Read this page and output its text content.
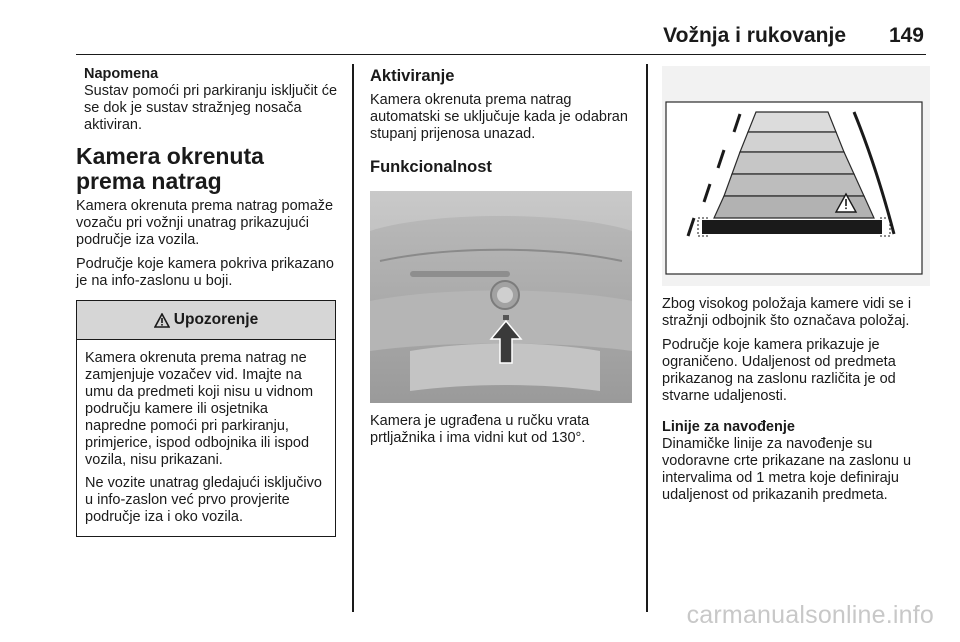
Vožnja i rukovanje 149
Napomena
Sustav pomoći pri parkiranju isključit će se dok je sustav stražnjeg nosača aktiviran.
Kamera okrenuta prema natrag
Kamera okrenuta prema natrag pomaže vozaču pri vožnji unatrag prikazujući područje iza vozila.
Područje koje kamera pokriva prikazano je na info-zaslonu u boji.
Upozorenje
Kamera okrenuta prema natrag ne zamjenjuje vozačev vid. Imajte na umu da predmeti koji nisu u vidnom području kamere ili osjetnika napredne pomoći pri parkiranju, primjerice, ispod odbojnika ili ispod vozila, nisu prikazani.
Ne vozite unatrag gledajući isključivo u info-zaslon već prvo provjerite područje iza i oko vozila.
Aktiviranje
Kamera okrenuta prema natrag automatski se uključuje kada je odabran stupanj prijenosa unazad.
Funkcionalnost
Kamera je ugrađena u ručku vrata prtljažnika i ima vidni kut od 130°.
Zbog visokog položaja kamere vidi se i stražnji odbojnik što označava položaj.
Područje koje kamera prikazuje je ograničeno. Udaljenost od predmeta prikazanog na zaslonu različita je od stvarne udaljenosti.
Linije za navođenje
Dinamičke linije za navođenje su vodoravne crte prikazane na zaslonu u intervalima od 1 metra koje definiraju udaljenost od prikazanih predmeta.
carmanualsonline.info
